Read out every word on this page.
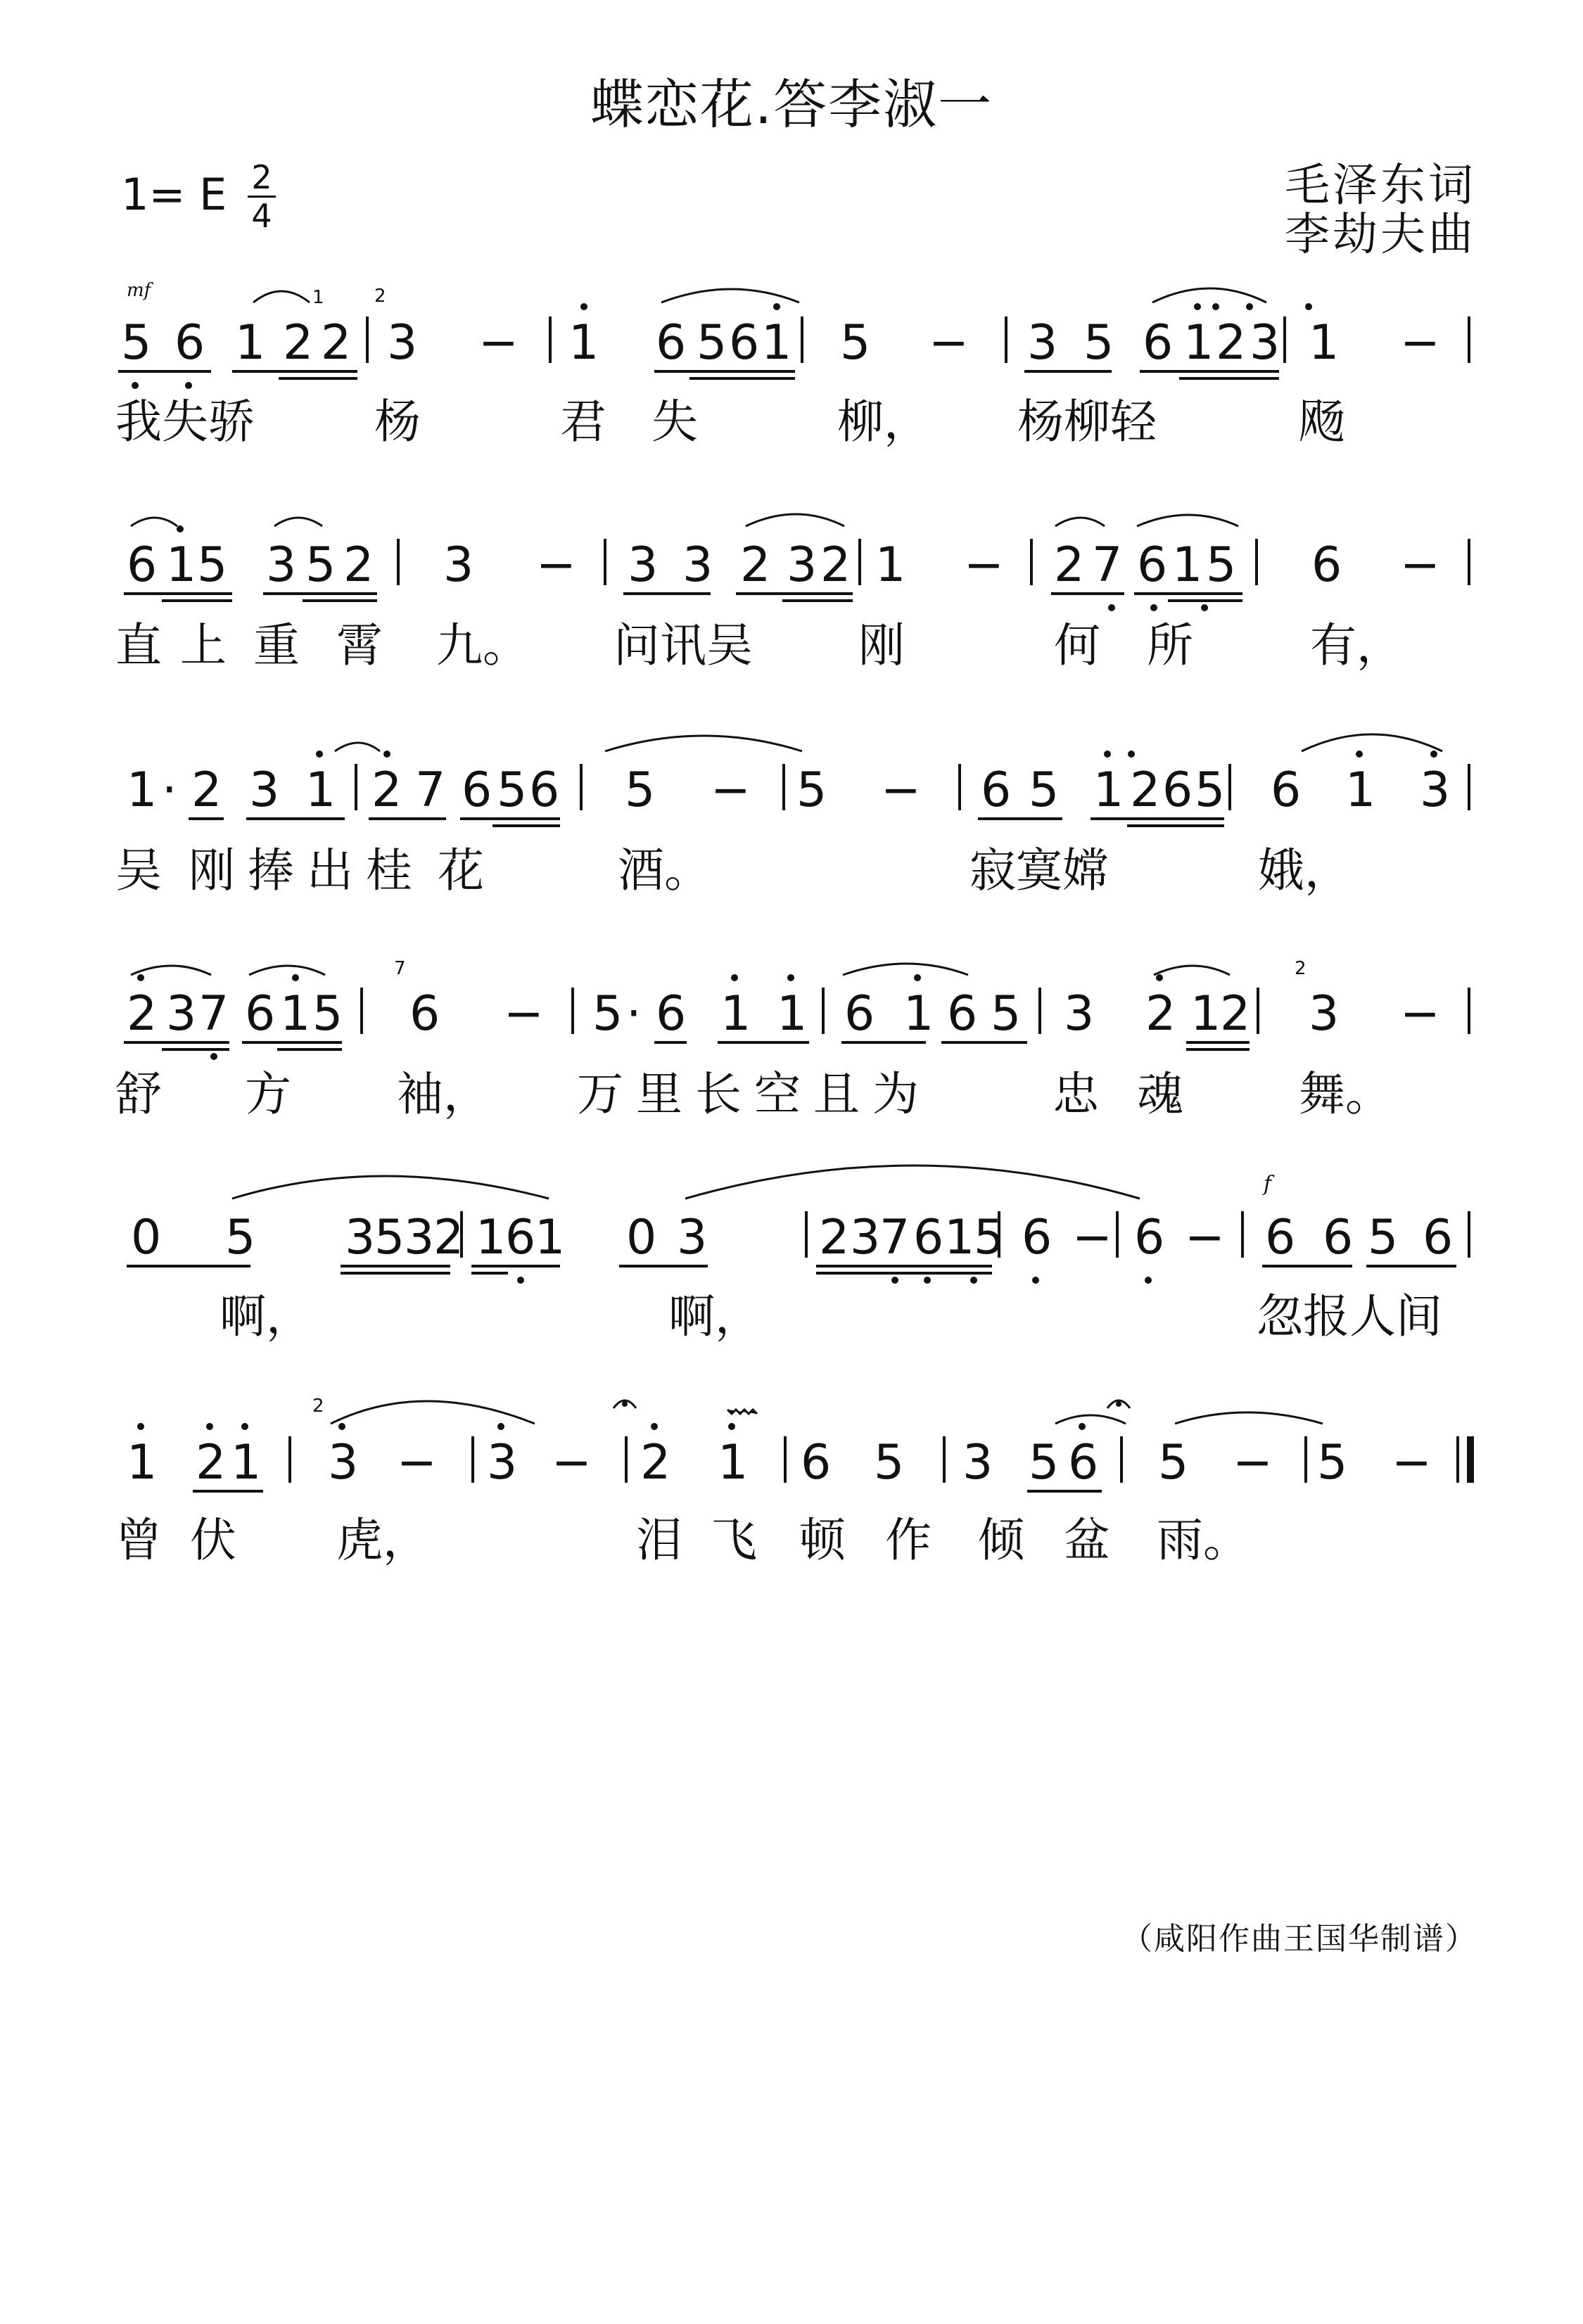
蝶恋花.答李淑一
1= E 2
4
毛泽东词
李劫夫曲
mf
f
1	2
7	2
2
5 6 1 2 2 3 − 1 6 5 6 1 5 − 3 5 6 1 2 3 1 −
我失骄	杨	君 失	柳， 杨柳轻	飏
6 1 5 3 5 2 3 − 3 3 2 3 2 1 − 2 7 6 1 5 6 −
直 上 重 霄 九。 问讯吴 刚	何 所	有，
1 · 2 3 1 2 7 6 5 6 5 − 5 − 6 5 1 2 6 5 6 1 3
吴 刚捧出桂 花	酒。	寂寞嫦	娥，
2 3 7 6 1 5 6 − 5 · 6 1 1 6 1 6 5 3 2 1
2 3 −
舒 方 袖， 万里长空且为	忠 魂 舞。
0 5 3
5
3
2 1
6
1 0 3 2 3
7 6 1
5 6 − 6 − 6 6 5 6
啊，	啊，	忽报人间
1 2 1 3 − 3 − 2 1 6 5 3 5 6 5 − 5 −
曾 伏 虎，	泪 飞 顿 作 倾 盆 雨。
（咸阳作曲王国华制谱）
